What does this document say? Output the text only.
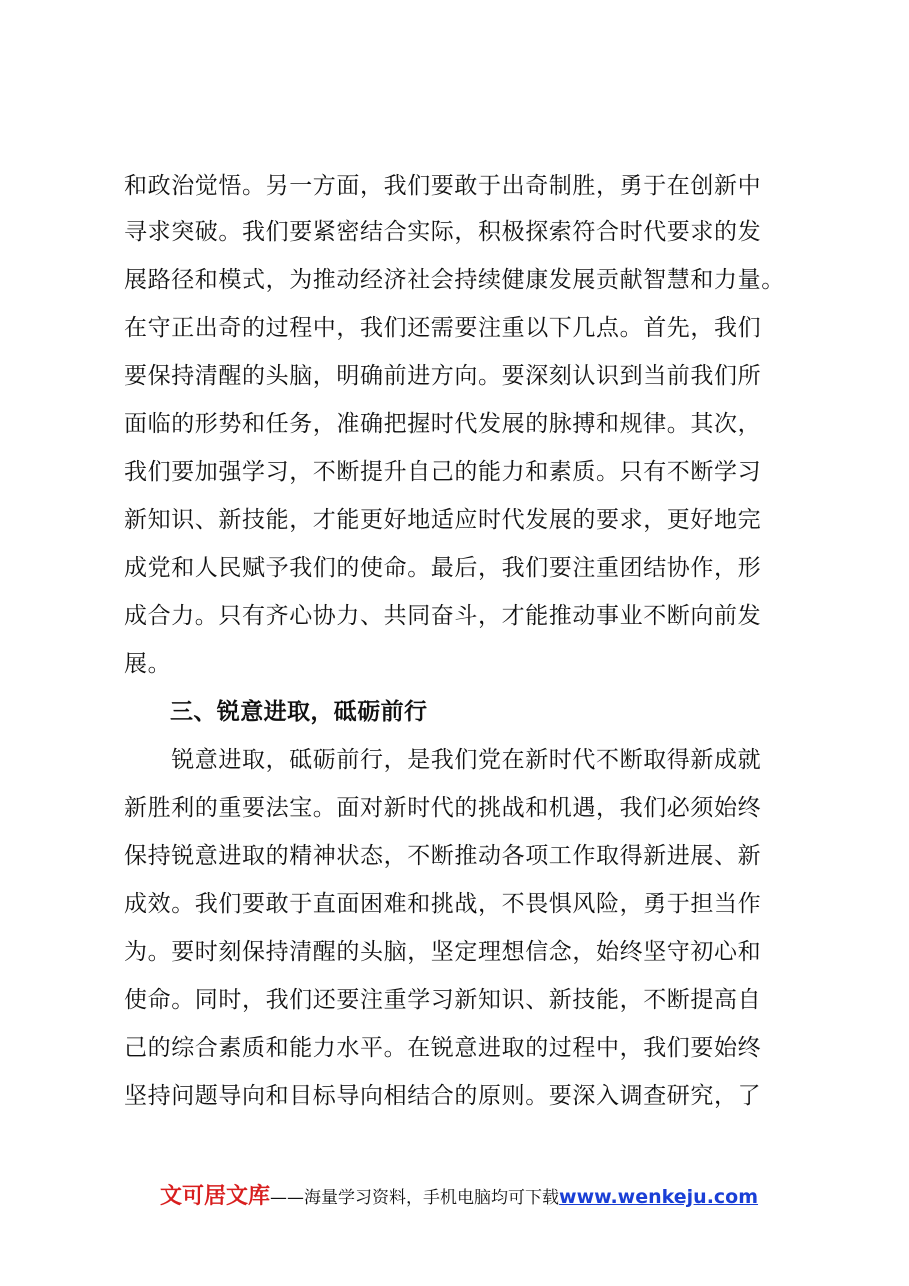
和政治觉悟。另一方面，我们要敢于出奇制胜，勇于在创新中
寻求突破。我们要紧密结合实际，积极探索符合时代要求的发
展路径和模式，为推动经济社会持续健康发展贡献智慧和力量。
在守正出奇的过程中，我们还需要注重以下几点。首先，我们
要保持清醒的头脑，明确前进方向。要深刻认识到当前我们所
面临的形势和任务，准确把握时代发展的脉搏和规律。其次，
我们要加强学习，不断提升自己的能力和素质。只有不断学习
新知识、新技能，才能更好地适应时代发展的要求，更好地完
成党和人民赋予我们的使命。最后，我们要注重团结协作，形
成合力。只有齐心协力、共同奋斗，才能推动事业不断向前发
展。
三、锐意进取，砥砺前行
　　锐意进取，砥砺前行，是我们党在新时代不断取得新成就
新胜利的重要法宝。面对新时代的挑战和机遇，我们必须始终
保持锐意进取的精神状态，不断推动各项工作取得新进展、新
成效。我们要敢于直面困难和挑战，不畏惧风险，勇于担当作
为。要时刻保持清醒的头脑，坚定理想信念，始终坚守初心和
使命。同时，我们还要注重学习新知识、新技能，不断提高自
己的综合素质和能力水平。在锐意进取的过程中，我们要始终
坚持问题导向和目标导向相结合的原则。要深入调查研究，了
文可居文库——海量学习资料，手机电脑均可下载www.wenkeju.com
